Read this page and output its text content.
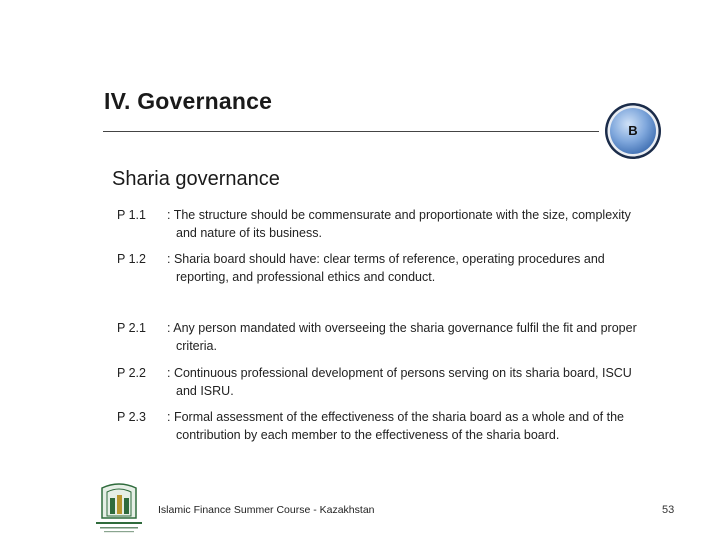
IV. Governance
B
Sharia governance
P 1.1	: The structure should be commensurate and proportionate with the size, complexity and nature of its business.
P 1.2	: Sharia board should have: clear terms of reference, operating procedures and reporting, and professional ethics and conduct.
P 2.1	: Any person mandated with overseeing the sharia governance fulfil the fit and proper criteria.
P 2.2	: Continuous professional development of persons serving on its sharia board, ISCU and ISRU.
P 2.3	: Formal assessment of the effectiveness of the sharia board as a whole and of the contribution by each member to the effectiveness of the sharia board.
Islamic Finance Summer Course - Kazakhstan	53
